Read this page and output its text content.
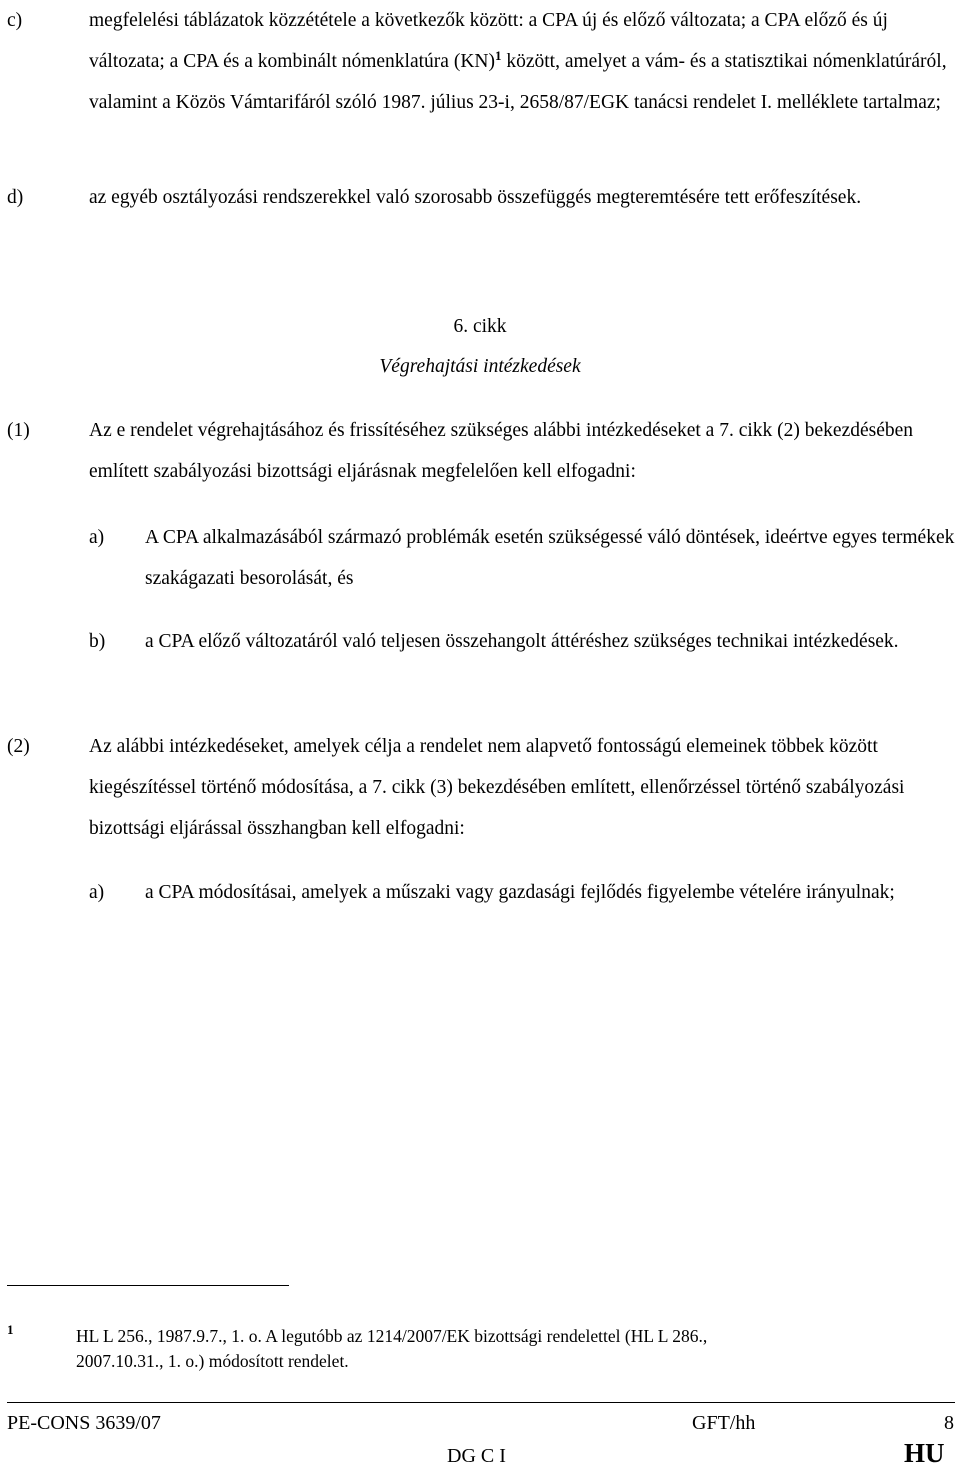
c)	megfelelési táblázatok közzététele a következők között: a CPA új és előző változata; a CPA előző és új változata; a CPA és a kombinált nómenklatúra (KN)$^1$ között, amelyet a vám- és a statisztikai nómenklatúráról, valamint a Közös Vámtarifáról szóló 1987. július 23-i, 2658/87/EGK tanácsi rendelet I. melléklete tartalmaz;
d)	az egyéb osztályozási rendszerekkel való szorosabb összefüggés megteremtésére tett erőfeszítések.
6. cikk
Végrehajtási intézkedések
(1)	Az e rendelet végrehajtásához és frissítéséhez szükséges alábbi intézkedéseket a 7. cikk (2) bekezdésében említett szabályozási bizottsági eljárásnak megfelelően kell elfogadni:
a) A CPA alkalmazásából származó problémák esetén szükségessé váló döntések, ideértve egyes termékek szakágazati besorolását, és
b) a CPA előző változatáról való teljesen összehangolt áttéréshez szükséges technikai intézkedések.
(2)	Az alábbi intézkedéseket, amelyek célja a rendelet nem alapvető fontosságú elemeinek többek között kiegészítéssel történő módosítása, a 7. cikk (3) bekezdésében említett, ellenőrzéssel történő szabályozási bizottsági eljárással összhangban kell elfogadni:
a) a CPA módosításai, amelyek a műszaki vagy gazdasági fejlődés figyelembe vételére irányulnak;
1	HL L 256., 1987.9.7., 1. o. A legutóbb az 1214/2007/EK bizottsági rendelettel (HL L 286.,
2007.10.31., 1. o.) módosított rendelet.
PE-CONS 3639/07	GFT/hh	8
DG C I	HU
